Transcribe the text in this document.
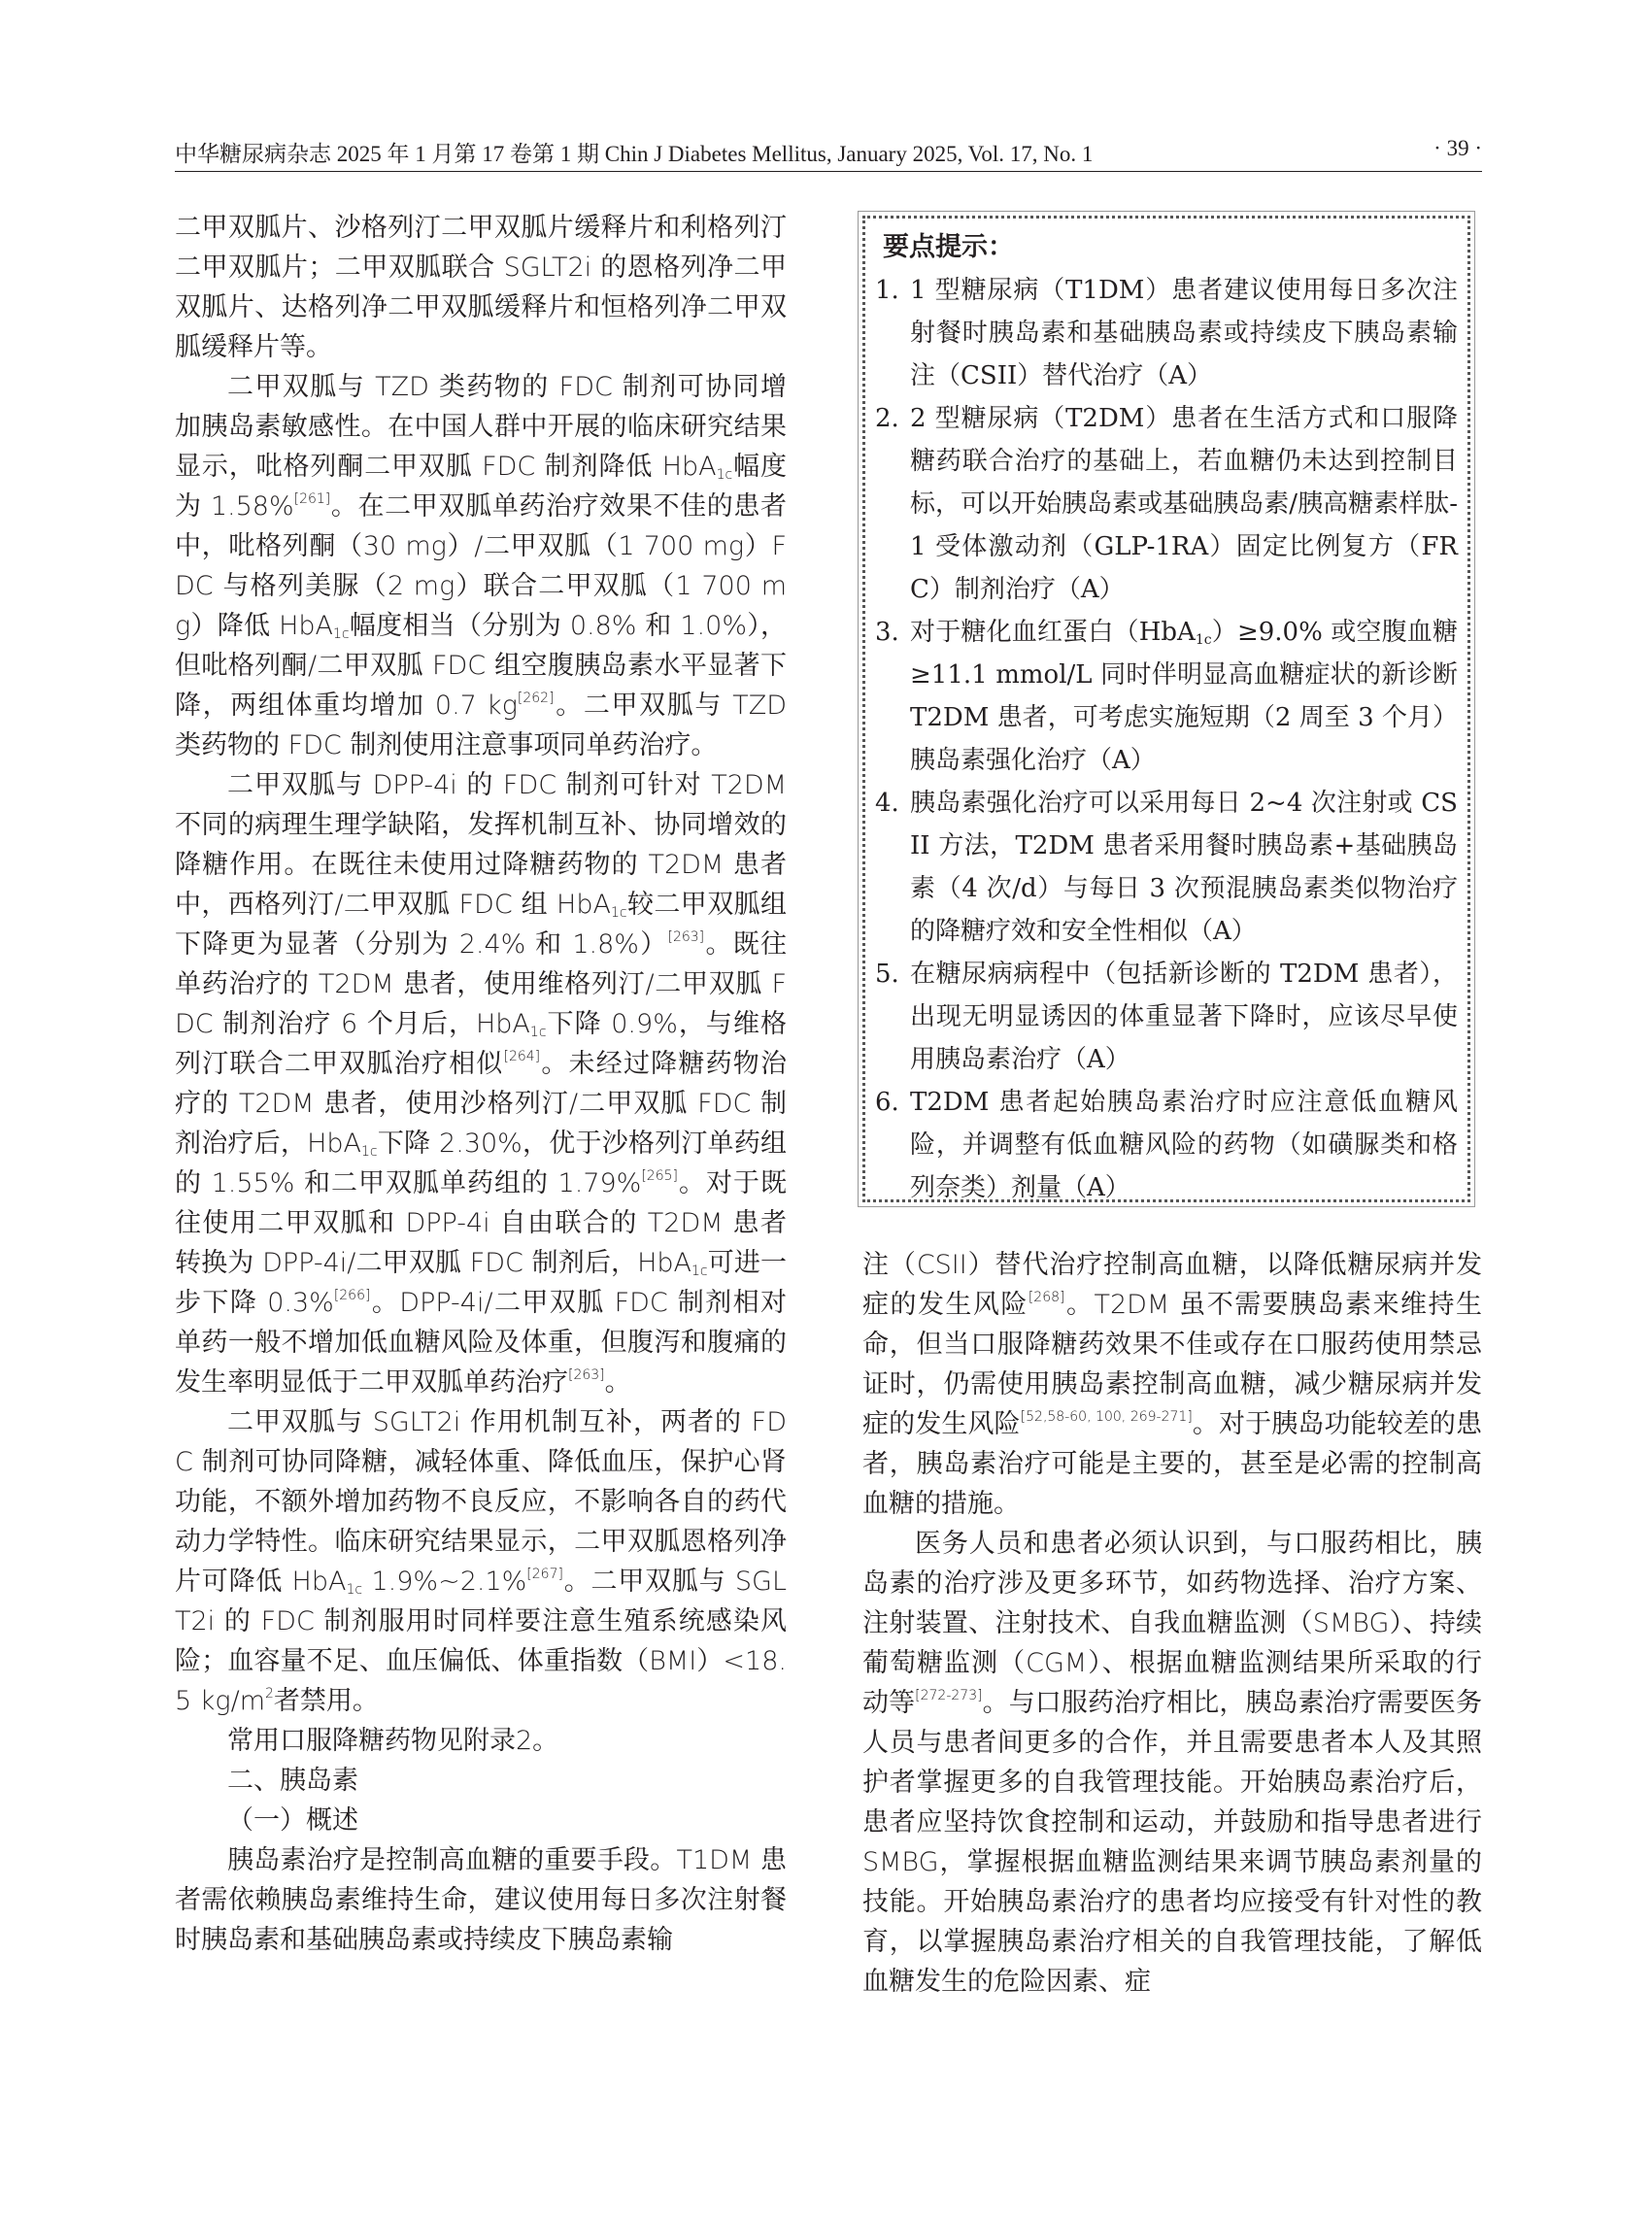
中华糖尿病杂志 2025 年 1 月第 17 卷第 1 期 Chin J Diabetes Mellitus, January 2025, Vol. 17, No. 1	· 39 ·

二甲双胍片、沙格列汀二甲双胍片缓释片和利格列汀二甲双胍片；二甲双胍联合 SGLT2i 的恩格列净二甲双胍片、达格列净二甲双胍缓释片和恒格列净二甲双胍缓释片等。

二甲双胍与 TZD 类药物的 FDC 制剂可协同增加胰岛素敏感性。在中国人群中开展的临床研究结果显示，吡格列酮二甲双胍 FDC 制剂降低 HbA$_{1c}$幅度为 1.58%[261]。在二甲双胍单药治疗效果不佳的患者中，吡格列酮（30 mg）/二甲双胍（1 700 mg）FDC 与格列美脲（2 mg）联合二甲双胍（1 700 mg）降低 HbA$_{1c}$幅度相当（分别为 0.8% 和 1.0%），但吡格列酮/二甲双胍 FDC 组空腹胰岛素水平显著下降，两组体重均增加 0.7 kg[262]。二甲双胍与 TZD 类药物的 FDC 制剂使用注意事项同单药治疗。

二甲双胍与 DPP-4i 的 FDC 制剂可针对 T2DM 不同的病理生理学缺陷，发挥机制互补、协同增效的降糖作用。在既往未使用过降糖药物的 T2DM 患者中，西格列汀/二甲双胍 FDC 组 HbA$_{1c}$较二甲双胍组下降更为显著（分别为 2.4% 和 1.8%）[263]。既往单药治疗的 T2DM 患者，使用维格列汀/二甲双胍 FDC 制剂治疗 6 个月后，HbA$_{1c}$下降 0.9%，与维格列汀联合二甲双胍治疗相似[264]。未经过降糖药物治疗的 T2DM 患者，使用沙格列汀/二甲双胍 FDC 制剂治疗后，HbA$_{1c}$下降 2.30%，优于沙格列汀单药组的 1.55% 和二甲双胍单药组的 1.79%[265]。对于既往使用二甲双胍和 DPP-4i 自由联合的 T2DM 患者转换为 DPP-4i/二甲双胍 FDC 制剂后，HbA$_{1c}$可进一步下降 0.3%[266]。DPP-4i/二甲双胍 FDC 制剂相对单药一般不增加低血糖风险及体重，但腹泻和腹痛的发生率明显低于二甲双胍单药治疗[263]。

二甲双胍与 SGLT2i 作用机制互补，两者的 FDC 制剂可协同降糖，减轻体重、降低血压，保护心肾功能，不额外增加药物不良反应，不影响各自的药代动力学特性。临床研究结果显示，二甲双胍恩格列净片可降低 HbA$_{1c}$ 1.9%~2.1%[267]。二甲双胍与 SGLT2i 的 FDC 制剂服用时同样要注意生殖系统感染风险；血容量不足、血压偏低、体重指数（BMI）<18.5 $kg/m^2$者禁用。

常用口服降糖药物见附录2。

二、胰岛素

（一）概述

胰岛素治疗是控制高血糖的重要手段。T1DM 患者需依赖胰岛素维持生命，建议使用每日多次注射餐时胰岛素和基础胰岛素或持续皮下胰岛素输

要点提示：
1. 1 型糖尿病（T1DM）患者建议使用每日多次注射餐时胰岛素和基础胰岛素或持续皮下胰岛素输注（CSII）替代治疗（A）
2. 2 型糖尿病（T2DM）患者在生活方式和口服降糖药联合治疗的基础上，若血糖仍未达到控制目标，可以开始胰岛素或基础胰岛素/胰高糖素样肽-1 受体激动剂（GLP-1RA）固定比例复方（FRC）制剂治疗（A）
3. 对于糖化血红蛋白（HbA$_{1c}$）≥9.0% 或空腹血糖≥11.1 mmol/L 同时伴明显高血糖症状的新诊断 T2DM 患者，可考虑实施短期（2 周至 3 个月）胰岛素强化治疗（A）
4. 胰岛素强化治疗可以采用每日 2~4 次注射或 CSII 方法，T2DM 患者采用餐时胰岛素+基础胰岛素（4 次/d）与每日 3 次预混胰岛素类似物治疗的降糖疗效和安全性相似（A）
5. 在糖尿病病程中（包括新诊断的 T2DM 患者），出现无明显诱因的体重显著下降时，应该尽早使用胰岛素治疗（A）
6. T2DM 患者起始胰岛素治疗时应注意低血糖风险，并调整有低血糖风险的药物（如磺脲类和格列奈类）剂量（A）

注（CSII）替代治疗控制高血糖，以降低糖尿病并发症的发生风险[268]。T2DM 虽不需要胰岛素来维持生命，但当口服降糖药效果不佳或存在口服药使用禁忌证时，仍需使用胰岛素控制高血糖，减少糖尿病并发症的发生风险[52,58-60, 100, 269-271]。对于胰岛功能较差的患者，胰岛素治疗可能是主要的，甚至是必需的控制高血糖的措施。

医务人员和患者必须认识到，与口服药相比，胰岛素的治疗涉及更多环节，如药物选择、治疗方案、注射装置、注射技术、自我血糖监测（SMBG）、持续葡萄糖监测（CGM）、根据血糖监测结果所采取的行动等[272-273]。与口服药治疗相比，胰岛素治疗需要医务人员与患者间更多的合作，并且需要患者本人及其照护者掌握更多的自我管理技能。开始胰岛素治疗后，患者应坚持饮食控制和运动，并鼓励和指导患者进行 SMBG，掌握根据血糖监测结果来调节胰岛素剂量的技能。开始胰岛素治疗的患者均应接受有针对性的教育，以掌握胰岛素治疗相关的自我管理技能，了解低血糖发生的危险因素、症
